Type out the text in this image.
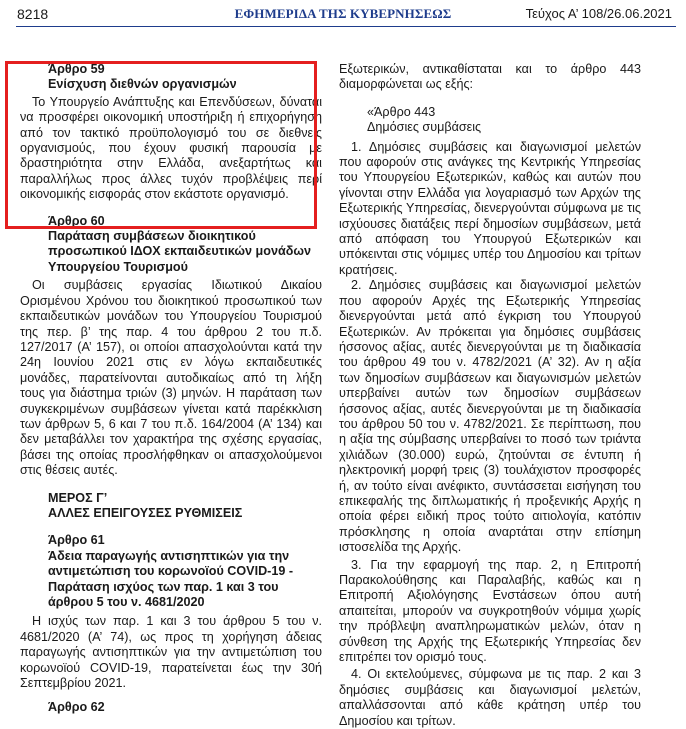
8218	ΕΦΗΜΕΡΙΔΑ ΤΗΣ ΚΥΒΕΡΝΗΣΕΩΣ	Τεύχος Α’ 108/26.06.2021

Άρθρο 59

Ενίσχυση διεθνών οργανισμών

Το Υπουργείο Ανάπτυξης και Επενδύσεων, δύναται να προσφέρει οικονομική υποστήριξη ή επιχορήγηση από τον τακτικό προϋπολογισμό του σε διεθνείς οργανισμούς, που έχουν φυσική παρουσία με δραστηριότητα στην Ελλάδα, ανεξαρτήτως και παραλλήλως προς άλλες τυχόν προβλέψεις περί οικονομικής εισφοράς στον εκάστοτε οργανισμό.

Άρθρο 60

Παράταση συμβάσεων διοικητικού προσωπικού ΙΔΟΧ εκπαιδευτικών μονάδων Υπουργείου Τουρισμού

Οι συμβάσεις εργασίας Ιδιωτικού Δικαίου Ορισμένου Χρόνου του διοικητικού προσωπικού των εκπαιδευτικών μονάδων του Υπουργείου Τουρισμού της περ. β’ της παρ. 4 του άρθρου 2 του π.δ. 127/2017 (Α’ 157), οι οποίοι απασχολούνται κατά την 24η Ιουνίου 2021 στις εν λόγω εκπαιδευτικές μονάδες, παρατείνονται αυτοδικαίως από τη λήξη τους για διάστημα τριών (3) μηνών. Η παράταση των συγκεκριμένων συμβάσεων γίνεται κατά παρέκκλιση των άρθρων 5, 6 και 7 του π.δ. 164/2004 (Α’ 134) και δεν μεταβάλλει τον χαρακτήρα της σχέσης εργασίας, βάσει της οποίας προσλήφθηκαν οι απασχολούμενοι στις θέσεις αυτές.

ΜΕΡΟΣ Γ’

ΑΛΛΕΣ ΕΠΕΙΓΟΥΣΕΣ ΡΥΘΜΙΣΕΙΣ

Άρθρο 61

Άδεια παραγωγής αντισηπτικών για την αντιμετώπιση του κορωνοϊού COVID-19 - Παράταση ισχύος των παρ. 1 και 3 του άρθρου 5 του ν. 4681/2020

Η ισχύς των παρ. 1 και 3 του άρθρου 5 του ν. 4681/2020 (Α’ 74), ως προς τη χορήγηση άδειας παραγωγής αντισηπτικών για την αντιμετώπιση του κορωνοϊού COVID-19, παρατείνεται έως την 30ή Σεπτεμβρίου 2021.

Άρθρο 62

Εξωτερικών, αντικαθίσταται και το άρθρο 443 διαμορφώνεται ως εξής:

«Άρθρο 443

Δημόσιες συμβάσεις

1. Δημόσιες συμβάσεις και διαγωνισμοί μελετών που αφορούν στις ανάγκες της Κεντρικής Υπηρεσίας του Υπουργείου Εξωτερικών, καθώς και αυτών που γίνονται στην Ελλάδα για λογαριασμό των Αρχών της Εξωτερικής Υπηρεσίας, διενεργούνται σύμφωνα με τις ισχύουσες διατάξεις περί δημοσίων συμβάσεων, μετά από απόφαση του Υπουργού Εξωτερικών και υπόκεινται στις νόμιμες υπέρ του Δημοσίου και τρίτων κρατήσεις.

2. Δημόσιες συμβάσεις και διαγωνισμοί μελετών που αφορούν Αρχές της Εξωτερικής Υπηρεσίας διενεργούνται μετά από έγκριση του Υπουργού Εξωτερικών. Αν πρόκειται για δημόσιες συμβάσεις ήσσονος αξίας, αυτές διενεργούνται με τη διαδικασία του άρθρου 49 του ν. 4782/2021 (Α’ 32). Αν η αξία των δημοσίων συμβάσεων και διαγωνισμών μελετών υπερβαίνει αυτών των δημοσίων συμβάσεων ήσσονος αξίας, αυτές διενεργούνται με τη διαδικασία του άρθρου 50 του ν. 4782/2021. Σε περίπτωση, που η αξία της σύμβασης υπερβαίνει το ποσό των τριάντα χιλιάδων (30.000) ευρώ, ζητούνται σε έντυπη ή ηλεκτρονική μορφή τρεις (3) τουλάχιστον προσφορές ή, αν τούτο είναι ανέφικτο, συντάσσεται εισήγηση του επικεφαλής της διπλωματικής ή προξενικής Αρχής η οποία φέρει ειδική προς τούτο αιτιολογία, κατόπιν πρόσκλησης η οποία αναρτάται στην επίσημη ιστοσελίδα της Αρχής.

3. Για την εφαρμογή της παρ. 2, η Επιτροπή Παρακολούθησης και Παραλαβής, καθώς και η Επιτροπή Αξιολόγησης Ενστάσεων όπου αυτή απαιτείται, μπορούν να συγκροτηθούν νόμιμα χωρίς την πρόβλεψη αναπληρωματικών μελών, όταν η σύνθεση της Αρχής της Εξωτερικής Υπηρεσίας δεν επιτρέπει τον ορισμό τους.

4. Οι εκτελούμενες, σύμφωνα με τις παρ. 2 και 3 δημόσιες συμβάσεις και διαγωνισμοί μελετών, απαλλάσσονται από κάθε κράτηση υπέρ του Δημοσίου και τρίτων.
